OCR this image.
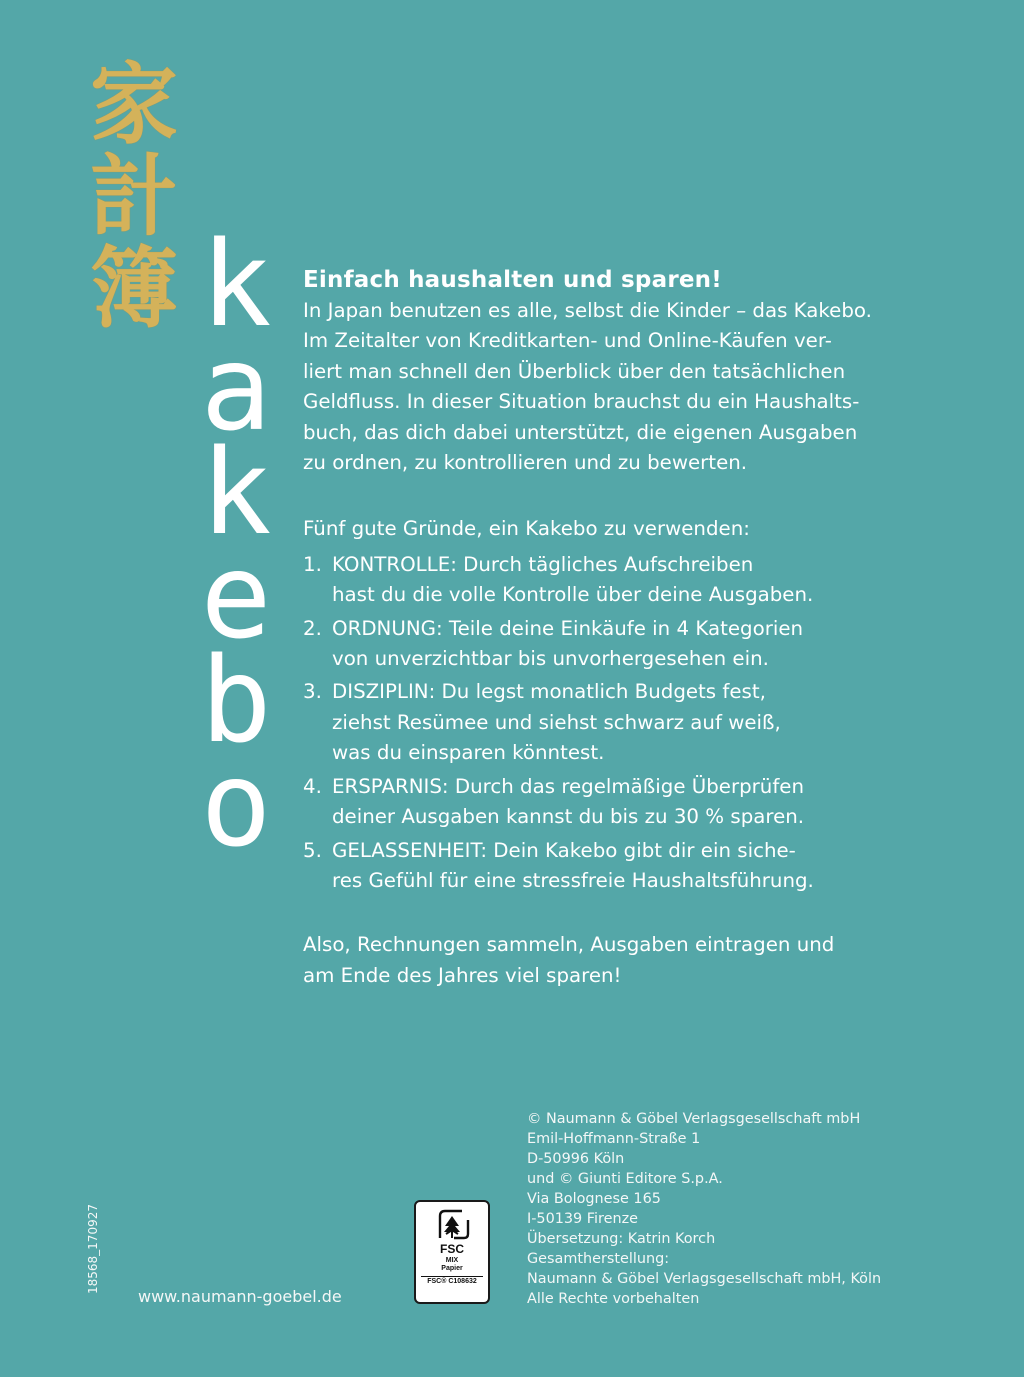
家
計
簿 k
a
k
e
b
o
Einfach haushalten und sparen!

In Japan benutzen es alle, selbst die Kinder – das Kakebo.
Im Zeitalter von Kreditkarten- und Online-Käufen ver-
liert man schnell den Überblick über den tatsächlichen
Geldfluss. In dieser Situation brauchst du ein Haushalts-
buch, das dich dabei unterstützt, die eigenen Ausgaben
zu ordnen, zu kontrollieren und zu bewerten.

Fünf gute Gründe, ein Kakebo zu verwenden:

1. KONTROLLE: Durch tägliches Aufschreiben
hast du die volle Kontrolle über deine Ausgaben.
2. ORDNUNG: Teile deine Einkäufe in 4 Kategorien
von unverzichtbar bis unvorhergesehen ein.
3. DISZIPLIN: Du legst monatlich Budgets fest,
ziehst Resümee und siehst schwarz auf weiß,
was du einsparen könntest.
4. ERSPARNIS: Durch das regelmäßige Überprüfen
deiner Ausgaben kannst du bis zu 30 % sparen.
5. GELASSENHEIT: Dein Kakebo gibt dir ein siche-
res Gefühl für eine stressfreie Haushaltsführung.

Also, Rechnungen sammeln, Ausgaben eintragen und
am Ende des Jahres viel sparen!

18568_170927
www.naumann-goebel.de
FSC
MIX
Papier
FSC® C108632
© Naumann & Göbel Verlagsgesellschaft mbH
Emil-Hoffmann-Straße 1
D-50996 Köln
und © Giunti Editore S.p.A.
Via Bolognese 165
I-50139 Firenze
Übersetzung: Katrin Korch
Gesamtherstellung:
Naumann & Göbel Verlagsgesellschaft mbH, Köln
Alle Rechte vorbehalten
